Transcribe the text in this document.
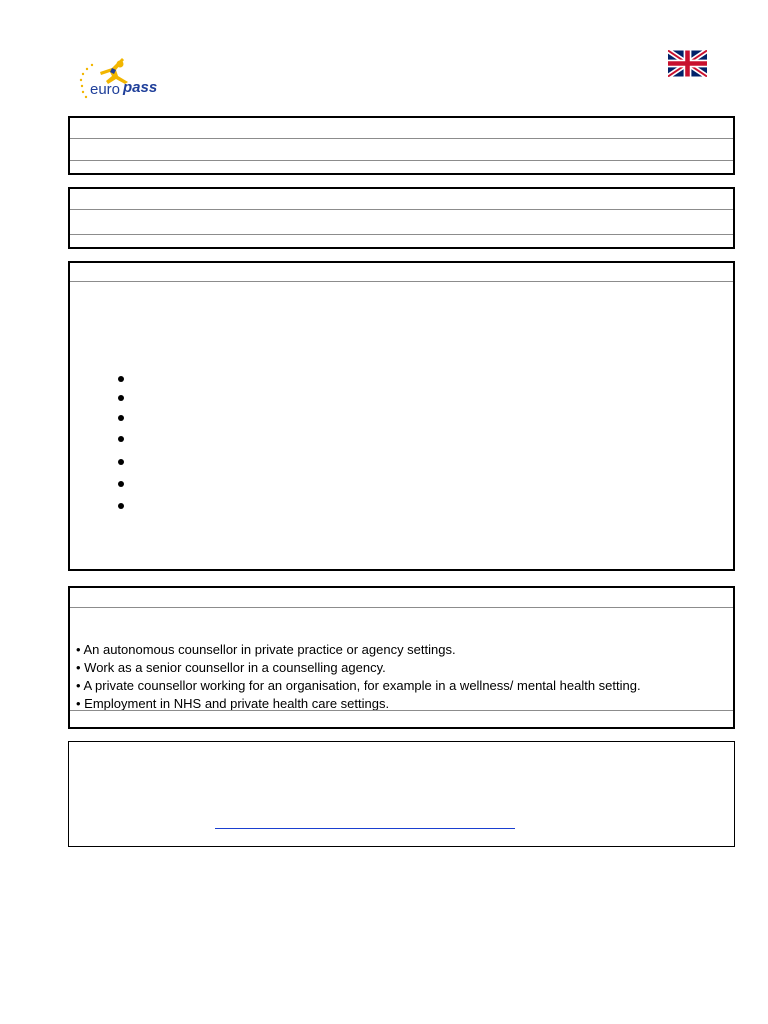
euro pass
• An autonomous counsellor in private practice or agency settings.
• Work as a senior counsellor in a counselling agency.
• A private counsellor working for an organisation, for example in a wellness/ mental health setting.
• Employment in NHS and private health care settings.
